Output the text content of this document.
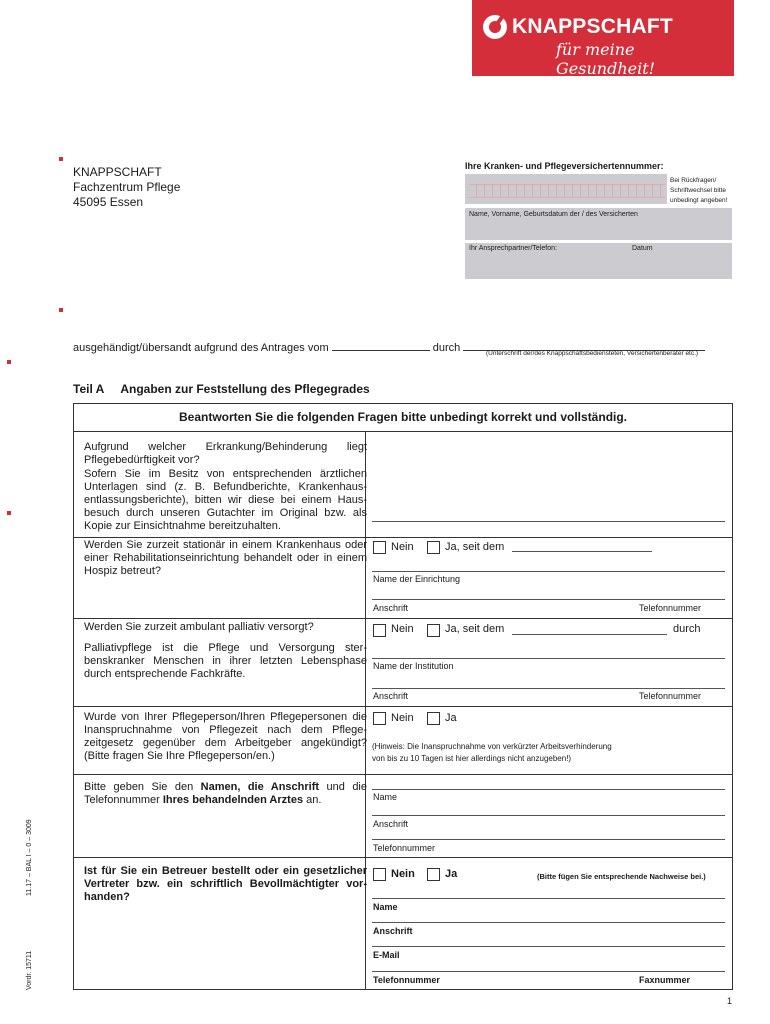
KNAPPSCHAFT
für meine Gesundheit!
KNAPPSCHAFT
Fachzentrum Pflege
45095 Essen
Ihre Kranken- und Pflegeversichertennummer:
Bei Rückfragen/
Schriftwechsel bitte
unbedingt angeben!
Name, Vorname, Geburtsdatum der / des Versicherten
Ihr Ansprechpartner/Telefon:	Datum
ausgehändigt/übersandt aufgrund des Antrages vom	durch	(Unterschrift der/des Knappschaftsbediensteten, Versichertenberater etc.)
Teil A Angaben zur Feststellung des Pflegegrades
Beantworten Sie die folgenden Fragen bitte unbedingt korrekt und vollständig.
Aufgrund welcher Erkrankung/Behinderung liegt Pflegebedürftigkeit vor?
Sofern Sie im Besitz von entsprechenden ärztlichen Unterlagen sind (z. B. Befundberichte, Krankenhaus-entlassungsberichte), bitten wir diese bei einem Haus-besuch durch unseren Gutachter im Original bzw. als Kopie zur Einsichtnahme bereitzuhalten.
Werden Sie zurzeit stationär in einem Krankenhaus oder einer Rehabilitationseinrichtung behandelt oder in einem Hospiz betreut?
Nein	Ja, seit dem
Name der Einrichtung
Anschrift	Telefonnummer
Werden Sie zurzeit ambulant palliativ versorgt?
Palliativpflege ist die Pflege und Versorgung ster-benskranker Menschen in ihrer letzten Lebensphase durch entsprechende Fachkräfte.
Nein	Ja, seit dem	durch
Name der Institution
Anschrift	Telefonnummer
Wurde von Ihrer Pflegeperson/Ihren Pflegepersonen die Inanspruchnahme von Pflegezeit nach dem Pflege-zeitgesetz gegenüber dem Arbeitgeber angekündigt? (Bitte fragen Sie Ihre Pflegeperson/en.)
Nein	Ja
(Hinweis: Die Inanspruchnahme von verkürzter Arbeitsverhinderung
von bis zu 10 Tagen ist hier allerdings nicht anzugeben!)
Bitte geben Sie den Namen, die Anschrift und die Telefonnummer Ihres behandelnden Arztes an.	Name
Anschrift
Telefonnummer
Ist für Sie ein Betreuer bestellt oder ein gesetzlicher Vertreter bzw. ein schriftlich Bevollmächtigter vor-handen?
Nein	Ja	(Bitte fügen Sie entsprechende Nachweise bei.)
Name
Anschrift
E-Mail
Telefonnummer	Faxnummer
11.17 – BAL I – 0 – 3009
Vordr. 15711
1
